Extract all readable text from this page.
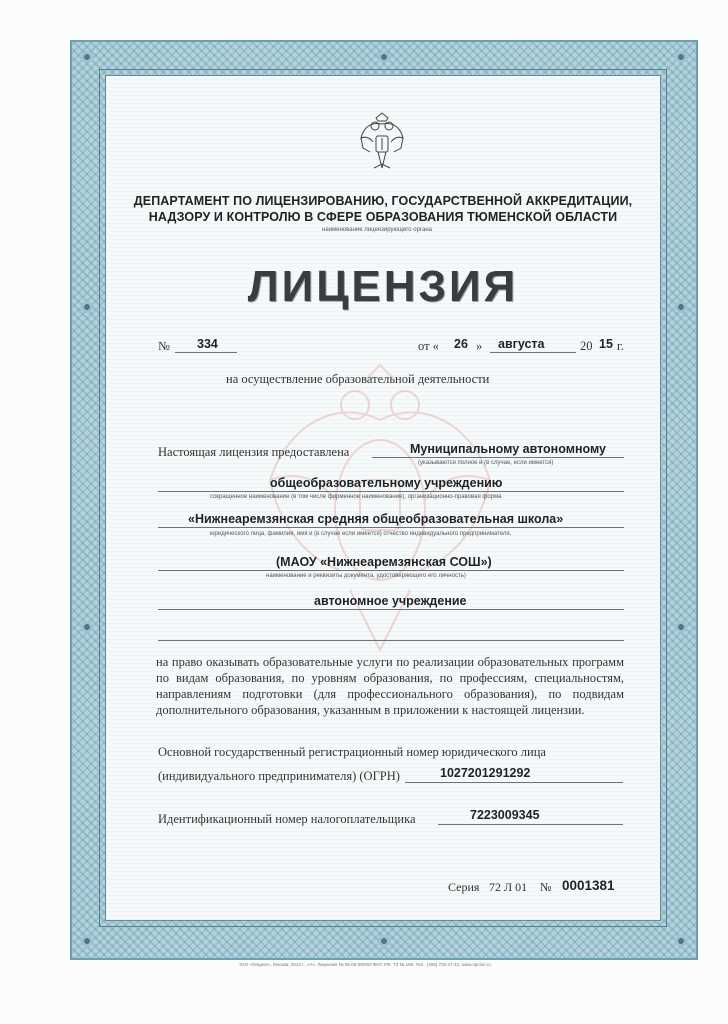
ДЕПАРТАМЕНТ ПО ЛИЦЕНЗИРОВАНИЮ, ГОСУДАРСТВЕННОЙ АККРЕДИТАЦИИ,
НАДЗОРУ И КОНТРОЛЮ В СФЕРЕ ОБРАЗОВАНИЯ ТЮМЕНСКОЙ ОБЛАСТИ
наименование лицензирующего органа
ЛИЦЕНЗИЯ
№ 334	от « 26 » августа	20 15 г.
на осуществление образовательной деятельности
Настоящая лицензия предоставлена	Муниципальному автономному
(указываются полное и (в случае, если имеется)
общеобразовательному учреждению
сокращенное наименование (в том числе фирменное наименование), организационно-правовая форма
«Нижнеаремзянская средняя общеобразовательная школа»
юридического лица, фамилия, имя и (в случае если имеется) отчество индивидуального предпринимателя,
(МАОУ «Нижнеаремзянская СОШ»)
наименование и реквизиты документа, удостоверяющего его личность)
автономное учреждение
на право оказывать образовательные услуги по реализации образовательных программ по видам образования, по уровням образования, по профессиям, специальностям, направлениям подготовки (для профессионального образования), по подвидам дополнительного образования, указанным в приложении к настоящей лицензии.
Основной государственный регистрационный номер юридического лица
(индивидуального предпринимателя) (ОГРН)	1027201291292
Идентификационный номер налогоплательщика	7223009345
Серия 72 Л 01 № 0001381
ЗАО «Опцион», Москва, 2014 г., «А». Лицензия № 05-05-09/003 ФНС РФ. ТЗ № 169. Тел.: (495) 726-47-42, www.opcion.ru
